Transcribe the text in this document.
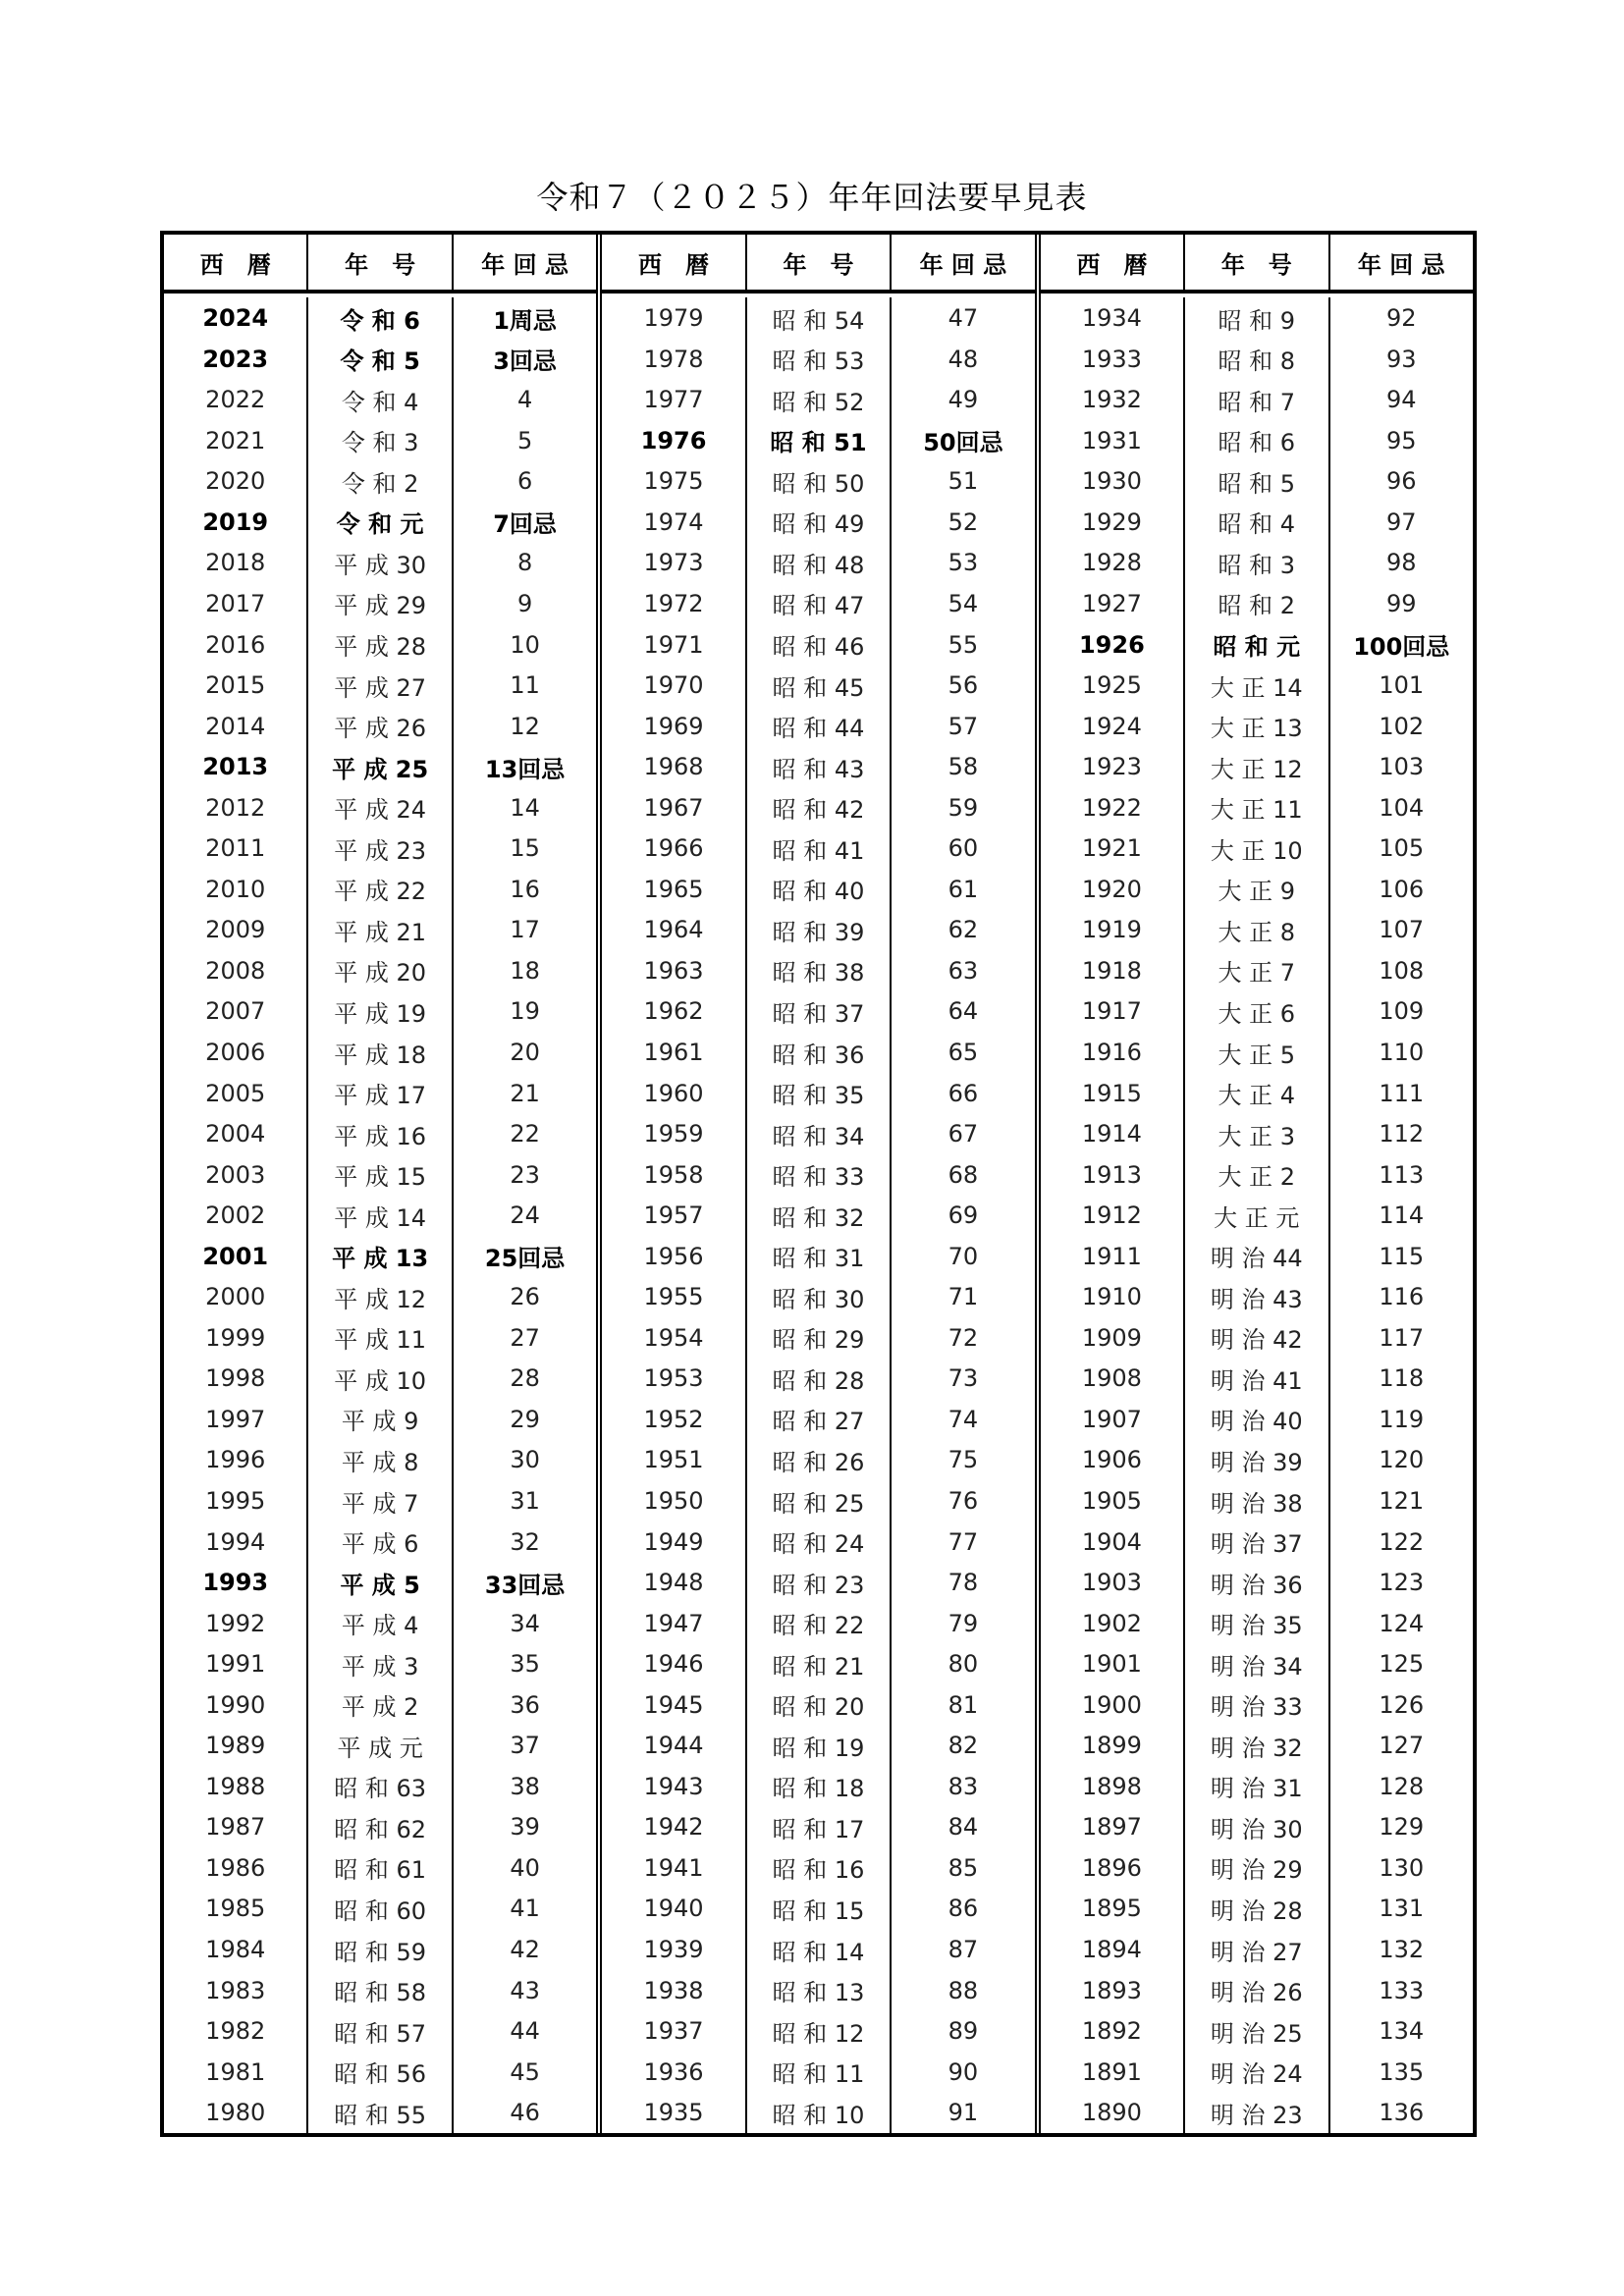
令和７（２０２５）年年回法要早見表
西　暦	年　号	年 回 忌
2024	令 和 6	1周忌
2023	令 和 5	3回忌
2022	令 和 4	4
2021	令 和 3	5
2020	令 和 2	6
2019	令 和 元	7回忌
2018	平 成 30	8
2017	平 成 29	9
2016	平 成 28	10
2015	平 成 27	11
2014	平 成 26	12
2013	平 成 25	13回忌
2012	平 成 24	14
2011	平 成 23	15
2010	平 成 22	16
2009	平 成 21	17
2008	平 成 20	18
2007	平 成 19	19
2006	平 成 18	20
2005	平 成 17	21
2004	平 成 16	22
2003	平 成 15	23
2002	平 成 14	24
2001	平 成 13	25回忌
2000	平 成 12	26
1999	平 成 11	27
1998	平 成 10	28
1997	平 成 9	29
1996	平 成 8	30
1995	平 成 7	31
1994	平 成 6	32
1993	平 成 5	33回忌
1992	平 成 4	34
1991	平 成 3	35
1990	平 成 2	36
1989	平 成 元	37
1988	昭 和 63	38
1987	昭 和 62	39
1986	昭 和 61	40
1985	昭 和 60	41
1984	昭 和 59	42
1983	昭 和 58	43
1982	昭 和 57	44
1981	昭 和 56	45
1980	昭 和 55	46
西　暦	年　号	年 回 忌
1979	昭 和 54	47
1978	昭 和 53	48
1977	昭 和 52	49
1976	昭 和 51	50回忌
1975	昭 和 50	51
1974	昭 和 49	52
1973	昭 和 48	53
1972	昭 和 47	54
1971	昭 和 46	55
1970	昭 和 45	56
1969	昭 和 44	57
1968	昭 和 43	58
1967	昭 和 42	59
1966	昭 和 41	60
1965	昭 和 40	61
1964	昭 和 39	62
1963	昭 和 38	63
1962	昭 和 37	64
1961	昭 和 36	65
1960	昭 和 35	66
1959	昭 和 34	67
1958	昭 和 33	68
1957	昭 和 32	69
1956	昭 和 31	70
1955	昭 和 30	71
1954	昭 和 29	72
1953	昭 和 28	73
1952	昭 和 27	74
1951	昭 和 26	75
1950	昭 和 25	76
1949	昭 和 24	77
1948	昭 和 23	78
1947	昭 和 22	79
1946	昭 和 21	80
1945	昭 和 20	81
1944	昭 和 19	82
1943	昭 和 18	83
1942	昭 和 17	84
1941	昭 和 16	85
1940	昭 和 15	86
1939	昭 和 14	87
1938	昭 和 13	88
1937	昭 和 12	89
1936	昭 和 11	90
1935	昭 和 10	91
西　暦	年　号	年 回 忌
1934	昭 和 9	92
1933	昭 和 8	93
1932	昭 和 7	94
1931	昭 和 6	95
1930	昭 和 5	96
1929	昭 和 4	97
1928	昭 和 3	98
1927	昭 和 2	99
1926	昭 和 元	100回忌
1925	大 正 14	101
1924	大 正 13	102
1923	大 正 12	103
1922	大 正 11	104
1921	大 正 10	105
1920	大 正 9	106
1919	大 正 8	107
1918	大 正 7	108
1917	大 正 6	109
1916	大 正 5	110
1915	大 正 4	111
1914	大 正 3	112
1913	大 正 2	113
1912	大 正 元	114
1911	明 治 44	115
1910	明 治 43	116
1909	明 治 42	117
1908	明 治 41	118
1907	明 治 40	119
1906	明 治 39	120
1905	明 治 38	121
1904	明 治 37	122
1903	明 治 36	123
1902	明 治 35	124
1901	明 治 34	125
1900	明 治 33	126
1899	明 治 32	127
1898	明 治 31	128
1897	明 治 30	129
1896	明 治 29	130
1895	明 治 28	131
1894	明 治 27	132
1893	明 治 26	133
1892	明 治 25	134
1891	明 治 24	135
1890	明 治 23	136
